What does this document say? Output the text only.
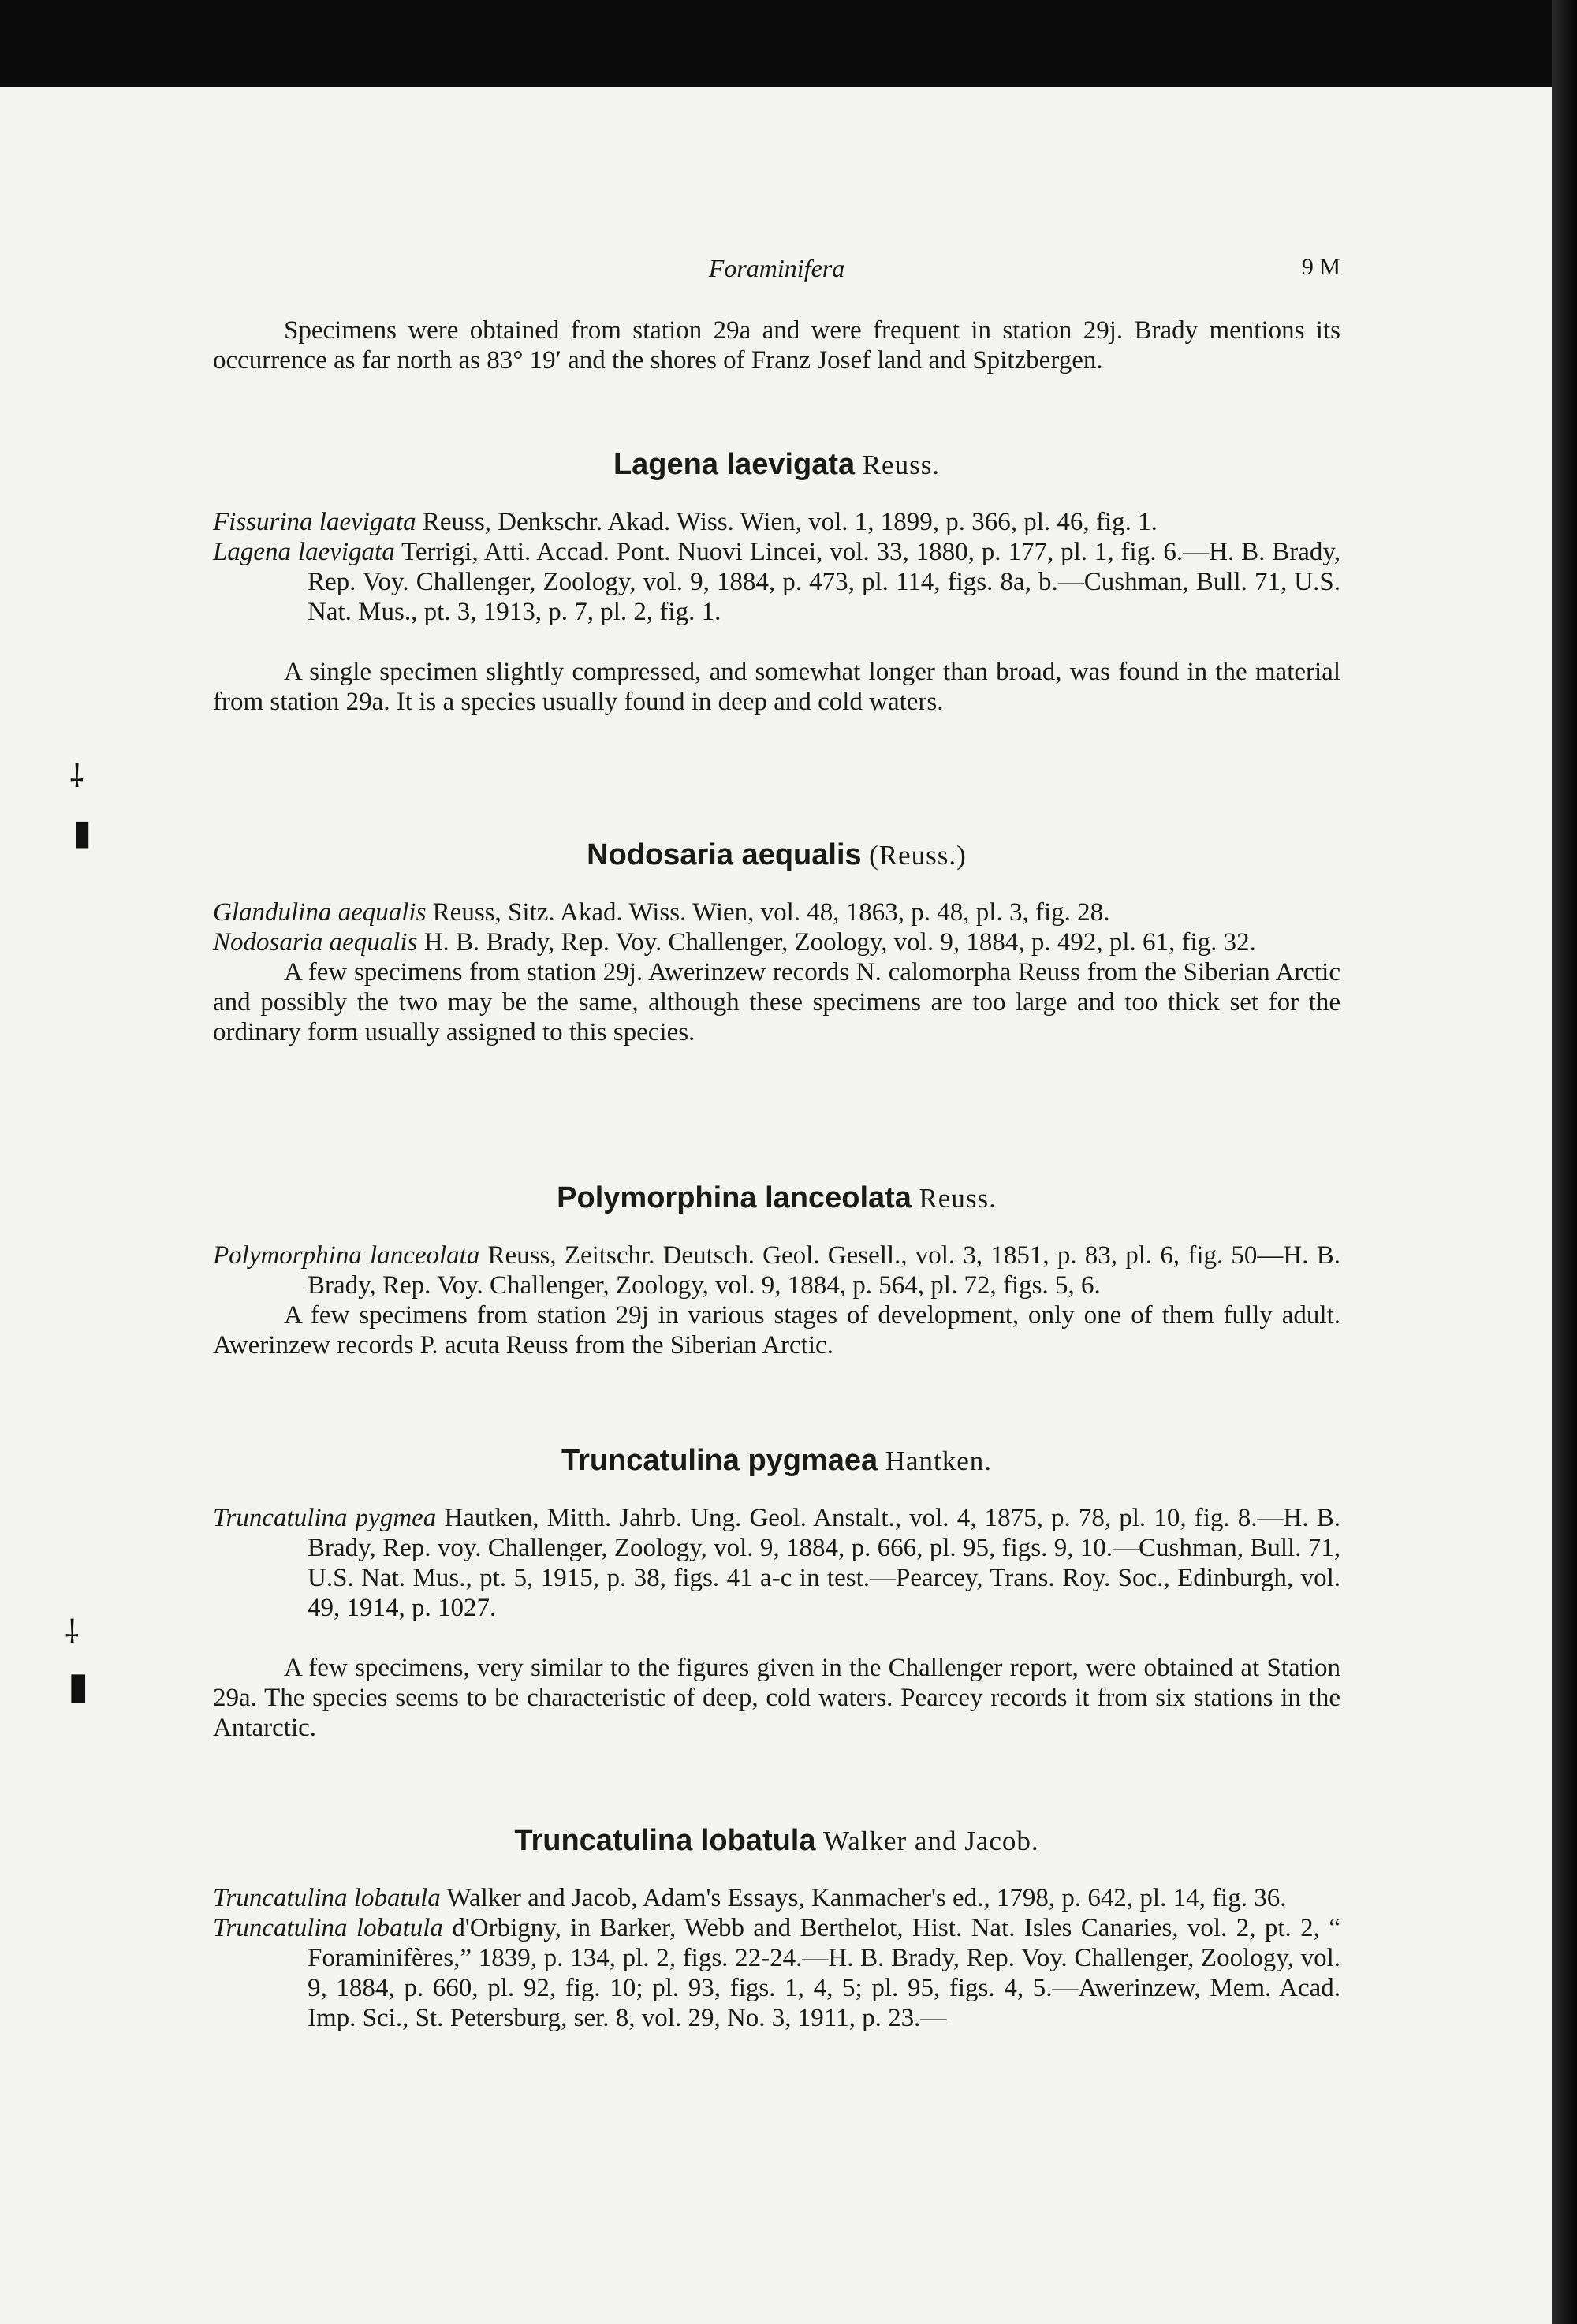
Foraminifera	9 M

Specimens were obtained from station 29a and were frequent in station 29j. Brady mentions its occurrence as far north as 83° 19′ and the shores of Franz Josef land and Spitzbergen.

Lagena laevigata Reuss.

Fissurina laevigata Reuss, Denkschr. Akad. Wiss. Wien, vol. 1, 1899, p. 366, pl. 46, fig. 1.

Lagena laevigata Terrigi, Atti. Accad. Pont. Nuovi Lincei, vol. 33, 1880, p. 177, pl. 1, fig. 6.—H. B. Brady, Rep. Voy. Challenger, Zoology, vol. 9, 1884, p. 473, pl. 114, figs. 8a, b.—Cushman, Bull. 71, U.S. Nat. Mus., pt. 3, 1913, p. 7, pl. 2, fig. 1.

A single specimen slightly compressed, and somewhat longer than broad, was found in the material from station 29a. It is a species usually found in deep and cold waters.

Nodosaria aequalis (Reuss.)

Glandulina aequalis Reuss, Sitz. Akad. Wiss. Wien, vol. 48, 1863, p. 48, pl. 3, fig. 28.

Nodosaria aequalis H. B. Brady, Rep. Voy. Challenger, Zoology, vol. 9, 1884, p. 492, pl. 61, fig. 32.

A few specimens from station 29j. Awerinzew records N. calomorpha Reuss from the Siberian Arctic and possibly the two may be the same, although these specimens are too large and too thick set for the ordinary form usually assigned to this species.

Polymorphina lanceolata Reuss.

Polymorphina lanceolata Reuss, Zeitschr. Deutsch. Geol. Gesell., vol. 3, 1851, p. 83, pl. 6, fig. 50—H. B. Brady, Rep. Voy. Challenger, Zoology, vol. 9, 1884, p. 564, pl. 72, figs. 5, 6.

A few specimens from station 29j in various stages of development, only one of them fully adult. Awerinzew records P. acuta Reuss from the Siberian Arctic.

Truncatulina pygmaea Hantken.

Truncatulina pygmea Hautken, Mitth. Jahrb. Ung. Geol. Anstalt., vol. 4, 1875, p. 78, pl. 10, fig. 8.—H. B. Brady, Rep. voy. Challenger, Zoology, vol. 9, 1884, p. 666, pl. 95, figs. 9, 10.—Cushman, Bull. 71, U.S. Nat. Mus., pt. 5, 1915, p. 38, figs. 41 a-c in test.—Pearcey, Trans. Roy. Soc., Edinburgh, vol. 49, 1914, p. 1027.

A few specimens, very similar to the figures given in the Challenger report, were obtained at Station 29a. The species seems to be characteristic of deep, cold waters. Pearcey records it from six stations in the Antarctic.

Truncatulina lobatula Walker and Jacob.

Truncatulina lobatula Walker and Jacob, Adam's Essays, Kanmacher's ed., 1798, p. 642, pl. 14, fig. 36.

Truncatulina lobatula d'Orbigny, in Barker, Webb and Berthelot, Hist. Nat. Isles Canaries, vol. 2, pt. 2, “ Foraminifères,” 1839, p. 134, pl. 2, figs. 22-24.—H. B. Brady, Rep. Voy. Challenger, Zoology, vol. 9, 1884, p. 660, pl. 92, fig. 10; pl. 93, figs. 1, 4, 5; pl. 95, figs. 4, 5.—Awerinzew, Mem. Acad. Imp. Sci., St. Petersburg, ser. 8, vol. 29, No. 3, 1911, p. 23.—

⸸
▮
⸸
▮
